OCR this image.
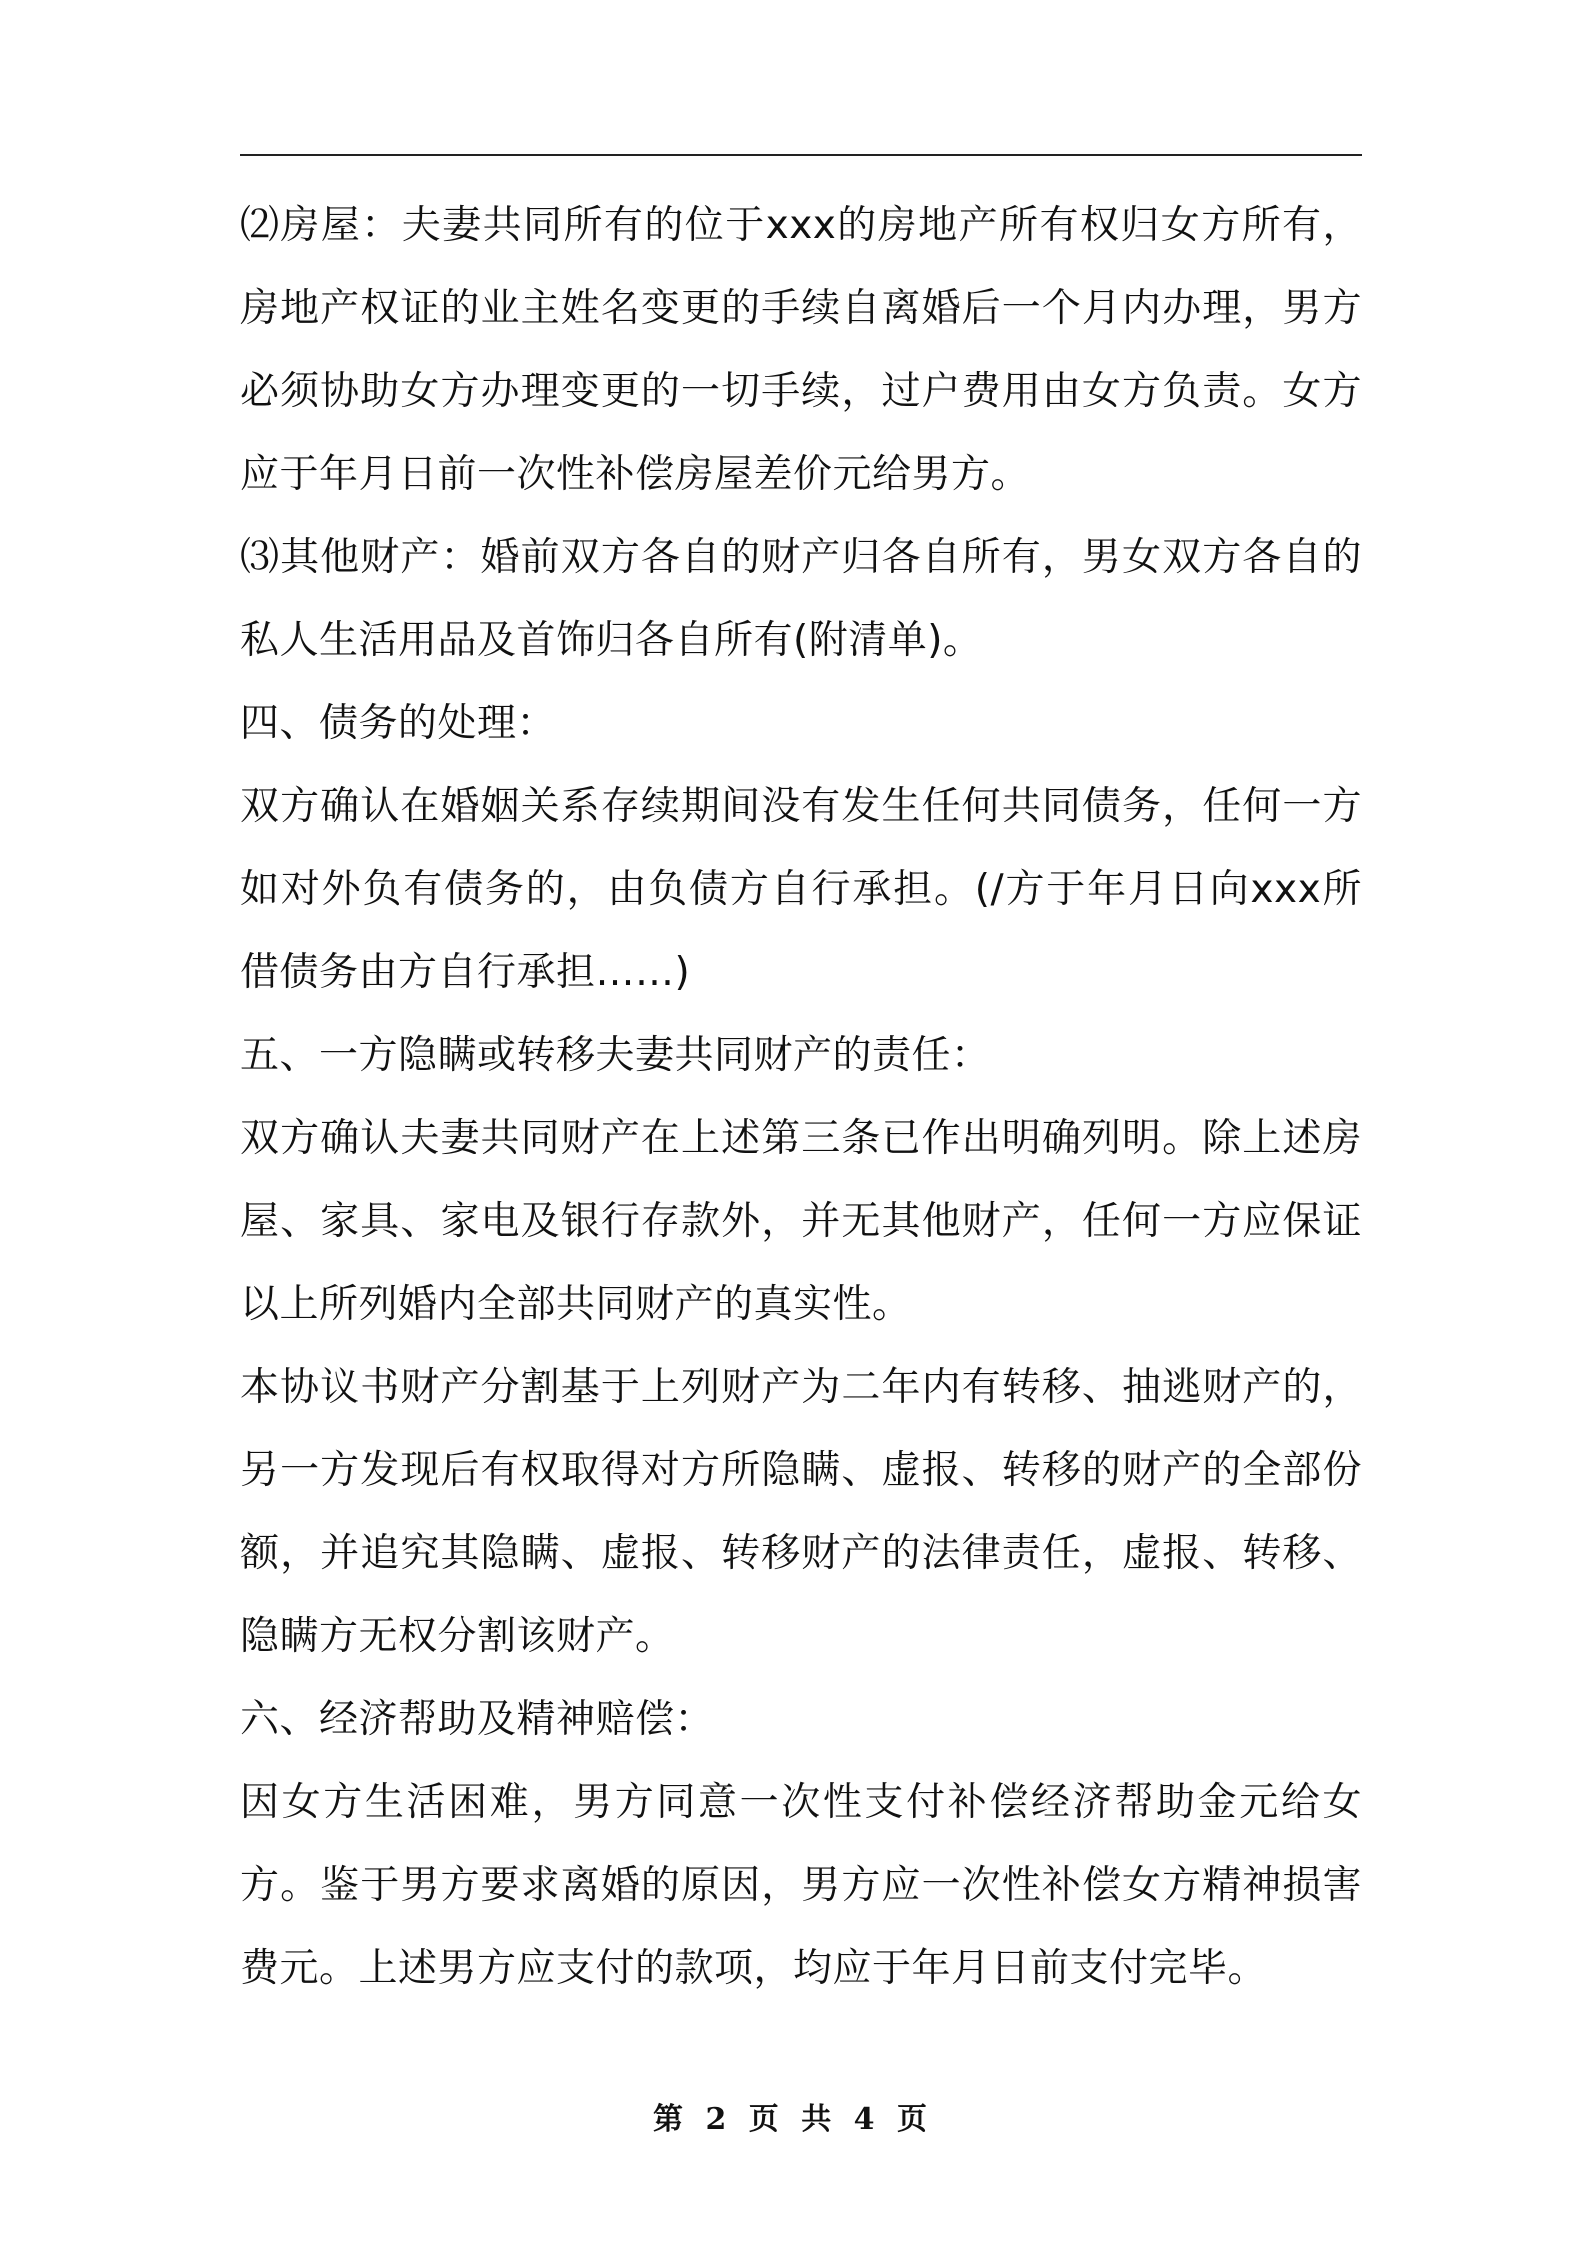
⑵房屋：夫妻共同所有的位于xxx的房地产所有权归女方所有，房地产权证的业主姓名变更的手续自离婚后一个月内办理，男方必须协助女方办理变更的一切手续，过户费用由女方负责。女方应于年月日前一次性补偿房屋差价元给男方。

⑶其他财产：婚前双方各自的财产归各自所有，男女双方各自的私人生活用品及首饰归各自所有(附清单)。

四、债务的处理：

双方确认在婚姻关系存续期间没有发生任何共同债务，任何一方如对外负有债务的，由负债方自行承担。(/方于年月日向xxx所借债务由方自行承担……)

五、一方隐瞒或转移夫妻共同财产的责任：

双方确认夫妻共同财产在上述第三条已作出明确列明。除上述房屋、家具、家电及银行存款外，并无其他财产，任何一方应保证以上所列婚内全部共同财产的真实性。

本协议书财产分割基于上列财产为二年内有转移、抽逃财产的，另一方发现后有权取得对方所隐瞒、虚报、转移的财产的全部份额，并追究其隐瞒、虚报、转移财产的法律责任，虚报、转移、隐瞒方无权分割该财产。

六、经济帮助及精神赔偿：

因女方生活困难，男方同意一次性支付补偿经济帮助金元给女方。鉴于男方要求离婚的原因，男方应一次性补偿女方精神损害费元。上述男方应支付的款项，均应于年月日前支付完毕。

第 2 页 共 4 页
